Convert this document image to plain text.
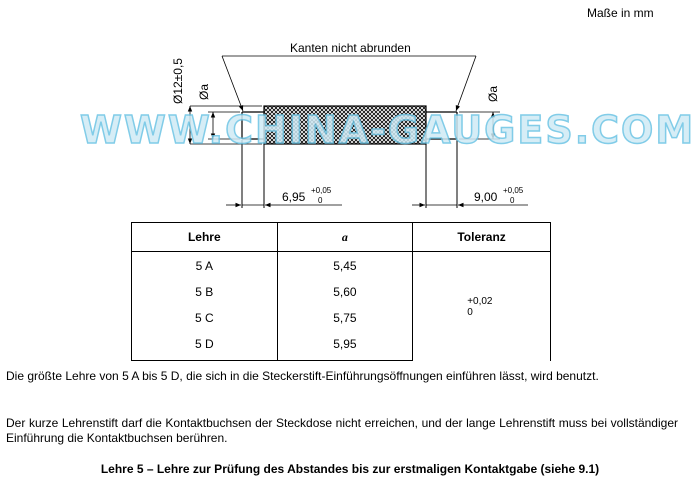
Maße in mm
Ø12±0,5 Øa	Øa
Kanten nicht abrunden
6,95 +0,05
0	9,00 +0,05
0
WWW.CHINA-GAUGES.COM
Lehre	a	Toleranz
5 A	5,45	+0,02
0
5 B	5,60	
5 C	5,75	
5 D	5,95	
Die größte Lehre von 5 A bis 5 D, die sich in die Steckerstift-Einführungsöffnungen einführen lässt, wird benutzt.
Der kurze Lehrenstift darf die Kontaktbuchsen der Steckdose nicht erreichen, und der lange Lehrenstift muss bei vollständiger Einführung die Kontaktbuchsen berühren.
Lehre 5 – Lehre zur Prüfung des Abstandes bis zur erstmaligen Kontaktgabe (siehe 9.1)
